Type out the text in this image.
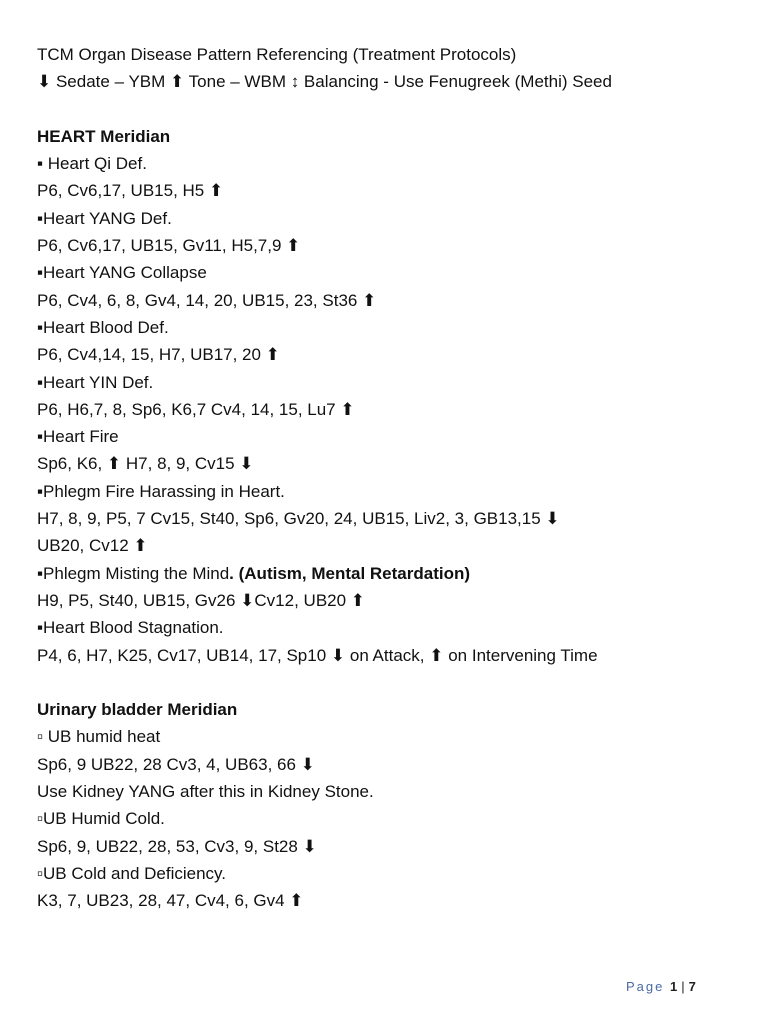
TCM Organ Disease Pattern Referencing (Treatment Protocols)
⬇ Sedate – YBM ⬆ Tone – WBM ↕ Balancing - Use Fenugreek (Methi) Seed
HEART Meridian
▪ Heart Qi Def.
P6, Cv6,17, UB15, H5 ⬆
▪Heart YANG Def.
P6, Cv6,17, UB15, Gv11, H5,7,9 ⬆
▪Heart YANG Collapse
P6, Cv4, 6, 8, Gv4, 14, 20, UB15, 23, St36 ⬆
▪Heart Blood Def.
P6, Cv4,14, 15, H7, UB17, 20 ⬆
▪Heart YIN Def.
P6, H6,7, 8, Sp6, K6,7 Cv4, 14, 15, Lu7 ⬆
▪Heart Fire
Sp6, K6, ⬆ H7, 8, 9, Cv15 ⬇
▪Phlegm Fire Harassing in Heart.
H7, 8, 9, P5, 7 Cv15, St40, Sp6, Gv20, 24, UB15, Liv2, 3, GB13,15 ⬇
UB20, Cv12 ⬆
▪Phlegm Misting the Mind. (Autism, Mental Retardation)
H9, P5, St40, UB15, Gv26 ⬇Cv12, UB20 ⬆
▪Heart Blood Stagnation.
P4, 6, H7, K25, Cv17, UB14, 17, Sp10 ⬇ on Attack, ⬆ on Intervening Time
Urinary bladder Meridian
▫ UB humid heat
Sp6, 9 UB22, 28 Cv3, 4, UB63, 66 ⬇
Use Kidney YANG after this in Kidney Stone.
▫UB Humid Cold.
Sp6, 9, UB22, 28, 53, Cv3, 9, St28 ⬇
▫UB Cold and Deficiency.
K3, 7, UB23, 28, 47, Cv4, 6, Gv4 ⬆
Page 1 | 7
